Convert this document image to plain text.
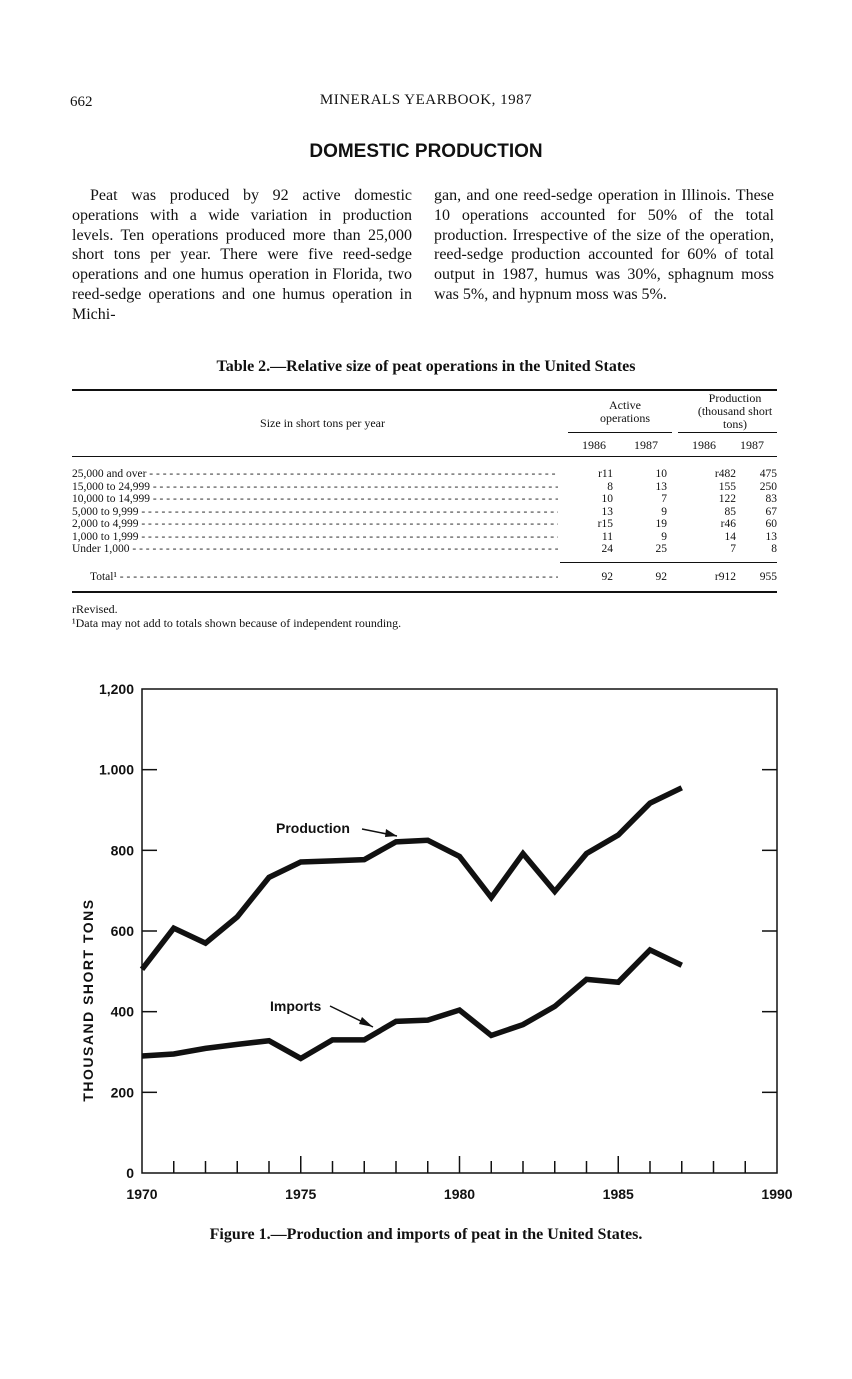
662	MINERALS YEARBOOK, 1987
DOMESTIC PRODUCTION
Peat was produced by 92 active domestic operations with a wide variation in production levels. Ten operations produced more than 25,000 short tons per year. There were five reed-sedge operations and one humus operation in Florida, two reed-sedge operations and one humus operation in Michi-
gan, and one reed-sedge operation in Illinois. These 10 operations accounted for 50% of the total production. Irrespective of the size of the operation, reed-sedge production accounted for 60% of total output in 1987, humus was 30%, sphagnum moss was 5%, and hypnum moss was 5%.
Table 2.—Relative size of peat operations in the United States
Size in short tons per year
Active operations
Production (thousand short tons)
1986	1987	1986	1987
25,000 and over - - -	r11	10	r482	475
15,000 to 24,999 - - -	8	13	155	250
10,000 to 14,999 - - -	10	7	122	83
5,000 to 9,999 - - -	13	9	85	67
2,000 to 4,999 - - -	r15	19	r46	60
1,000 to 1,999 - - -	11	9	14	13
Under 1,000 - - -	24	25	7	8
Total¹ - - -	92	92	r912	955
rRevised.
¹Data may not add to totals shown because of independent rounding.
0
200
400
600
800
1.000
1,200
1970	1975	1980	1985	1990
THOUSAND SHORT TONS
Production
Imports
Figure 1.—Production and imports of peat in the United States.
